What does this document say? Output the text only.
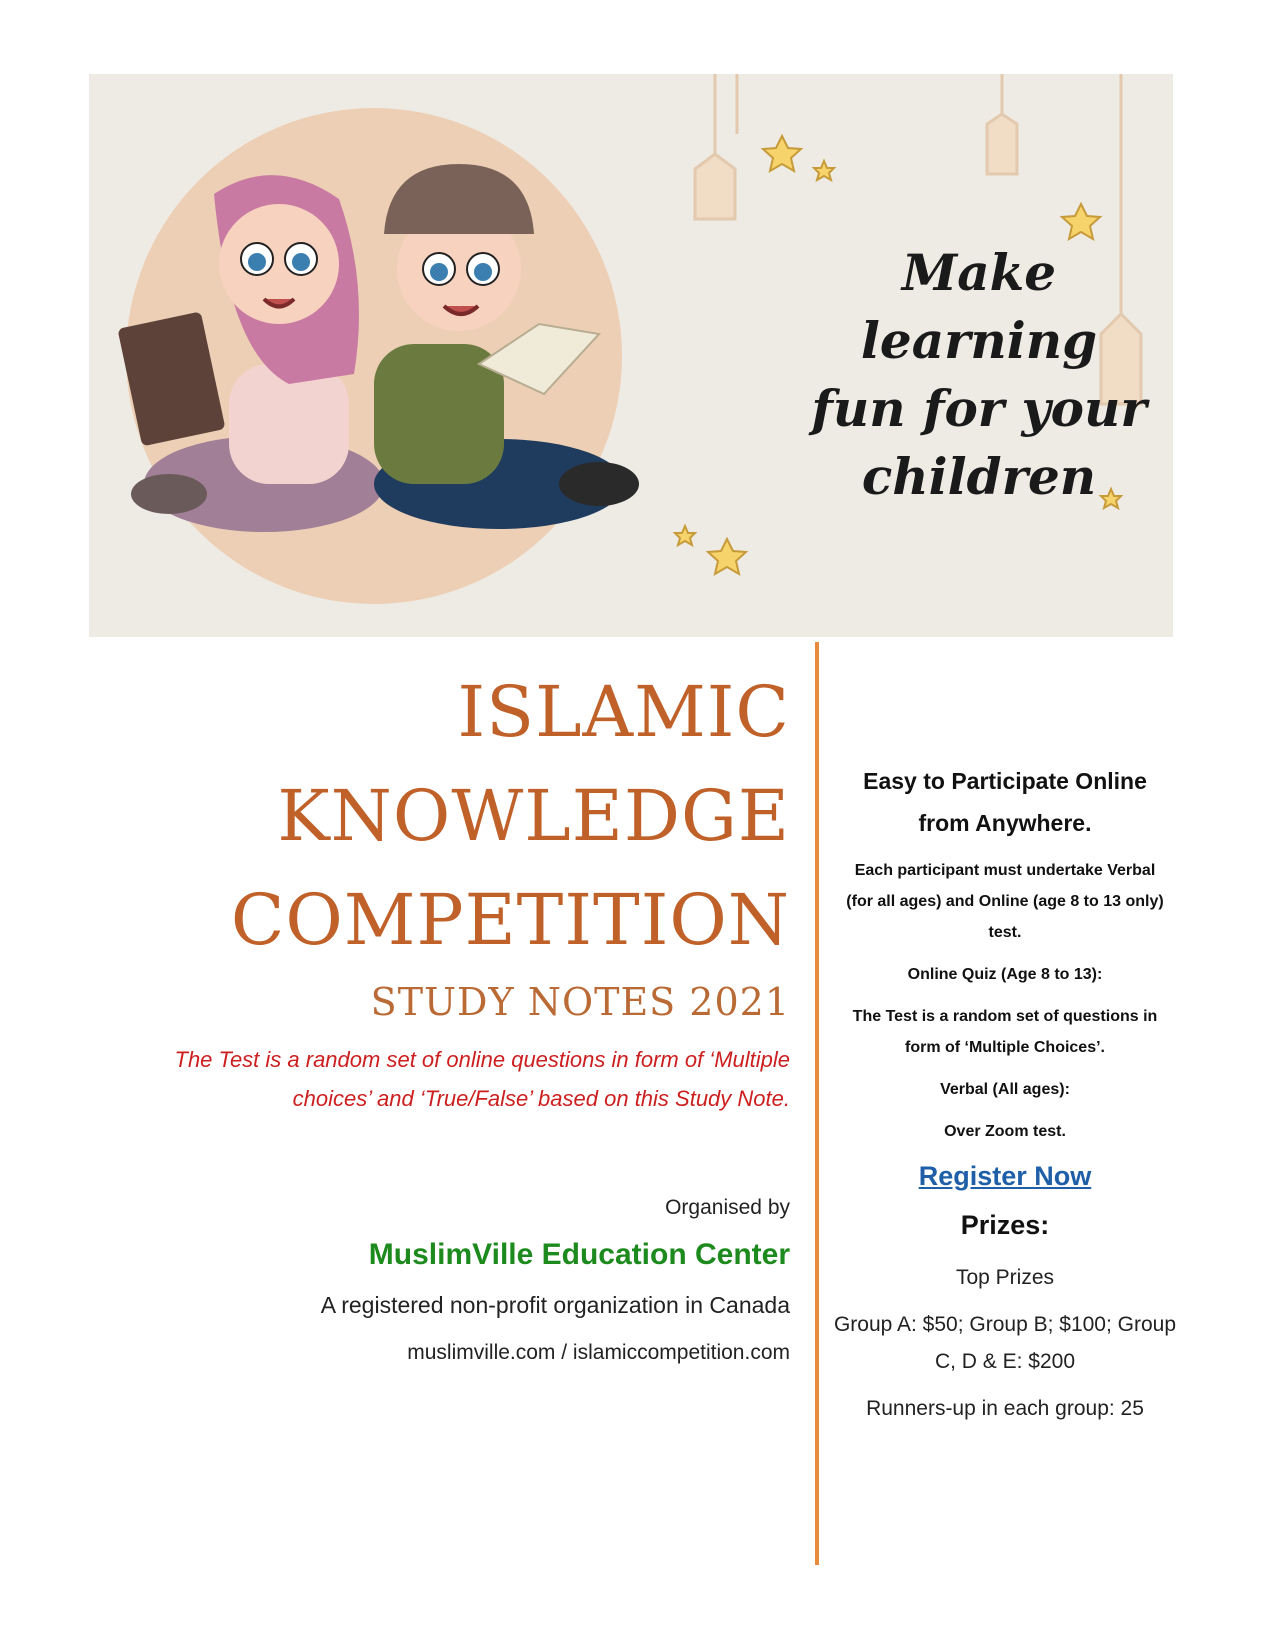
Make learning
fun for your
children
ISLAMIC
KNOWLEDGE
COMPETITION
STUDY NOTES 2021
The Test is a random set of online questions in form of ‘Multiple
choices’ and ‘True/False’ based on this Study Note.
Organised by
MuslimVille Education Center
A registered non-profit organization in Canada
muslimville.com / islamiccompetition.com
Easy to Participate Online
from Anywhere.
Each participant must undertake Verbal
(for all ages) and Online (age 8 to 13 only)
test.
Online Quiz (Age 8 to 13):
The Test is a random set of questions in
form of ‘Multiple Choices’.
Verbal (All ages):
Over Zoom test.
Register Now
Prizes:
Top Prizes
Group A: $50; Group B; $100; Group
C, D & E: $200
Runners-up in each group: 25
